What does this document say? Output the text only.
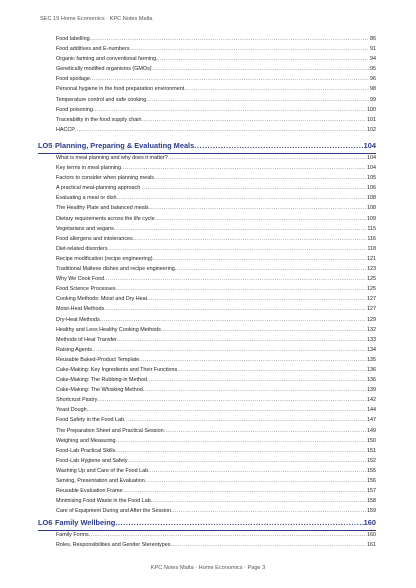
SEC 19 Home Economics · KPC Notes Malta
Food labelling .....	86
Food additives and E-numbers .....	91
Organic farming and conventional farming .....	94
Genetically modified organisms (GMOs) .....	95
Food spoilage .....	96
Personal hygiene in the food preparation environment .....	98
Temperature control and safe cooking .....	99
Food poisoning .....	100
Traceability in the food supply chain .....	101
HACCP .....	102
LO5 Planning, Preparing & Evaluating Meals .....	104
What is meal planning and why does it matter? .....	104
Key terms in meal planning .....	104
Factors to consider when planning meals .....	105
A practical meal-planning approach .....	106
Evaluating a meal or dish .....	108
The Healthy Plate and balanced meals .....	108
Dietary requirements across the life cycle .....	109
Vegetarians and vegans .....	115
Food allergens and intolerances .....	116
Diet-related disorders .....	118
Recipe modification (recipe engineering) .....	121
Traditional Maltese dishes and recipe engineering .....	123
Why We Cook Food .....	125
Food Science Processes .....	125
Cooking Methods: Moist and Dry Heat .....	127
Moist-Heat Methods .....	127
Dry-Heat Methods .....	129
Healthy and Less Healthy Cooking Methods .....	132
Methods of Heat Transfer .....	133
Raising Agents .....	134
Reusable Baked-Product Template .....	135
Cake-Making: Key Ingredients and Their Functions .....	136
Cake-Making: The Rubbing-in Method .....	136
Cake-Making: The Whisking Method .....	139
Shortcrust Pastry .....	142
Yeast Dough .....	144
Food Safety in the Food Lab .....	147
The Preparation Sheet and Practical Session .....	149
Weighing and Measuring .....	150
Food-Lab Practical Skills .....	151
Food-Lab Hygiene and Safety .....	152
Washing Up and Care of the Food Lab .....	155
Serving, Presentation and Evaluation .....	156
Reusable Evaluation Frame .....	157
Minimising Food Waste in the Food Lab .....	158
Care of Equipment During and After the Session .....	159
LO6 Family Wellbeing .....	160
Family Forms .....	160
Roles, Responsibilities and Gender Stereotypes .....	161
KPC Notes Malta · Home Economics · Page 3
